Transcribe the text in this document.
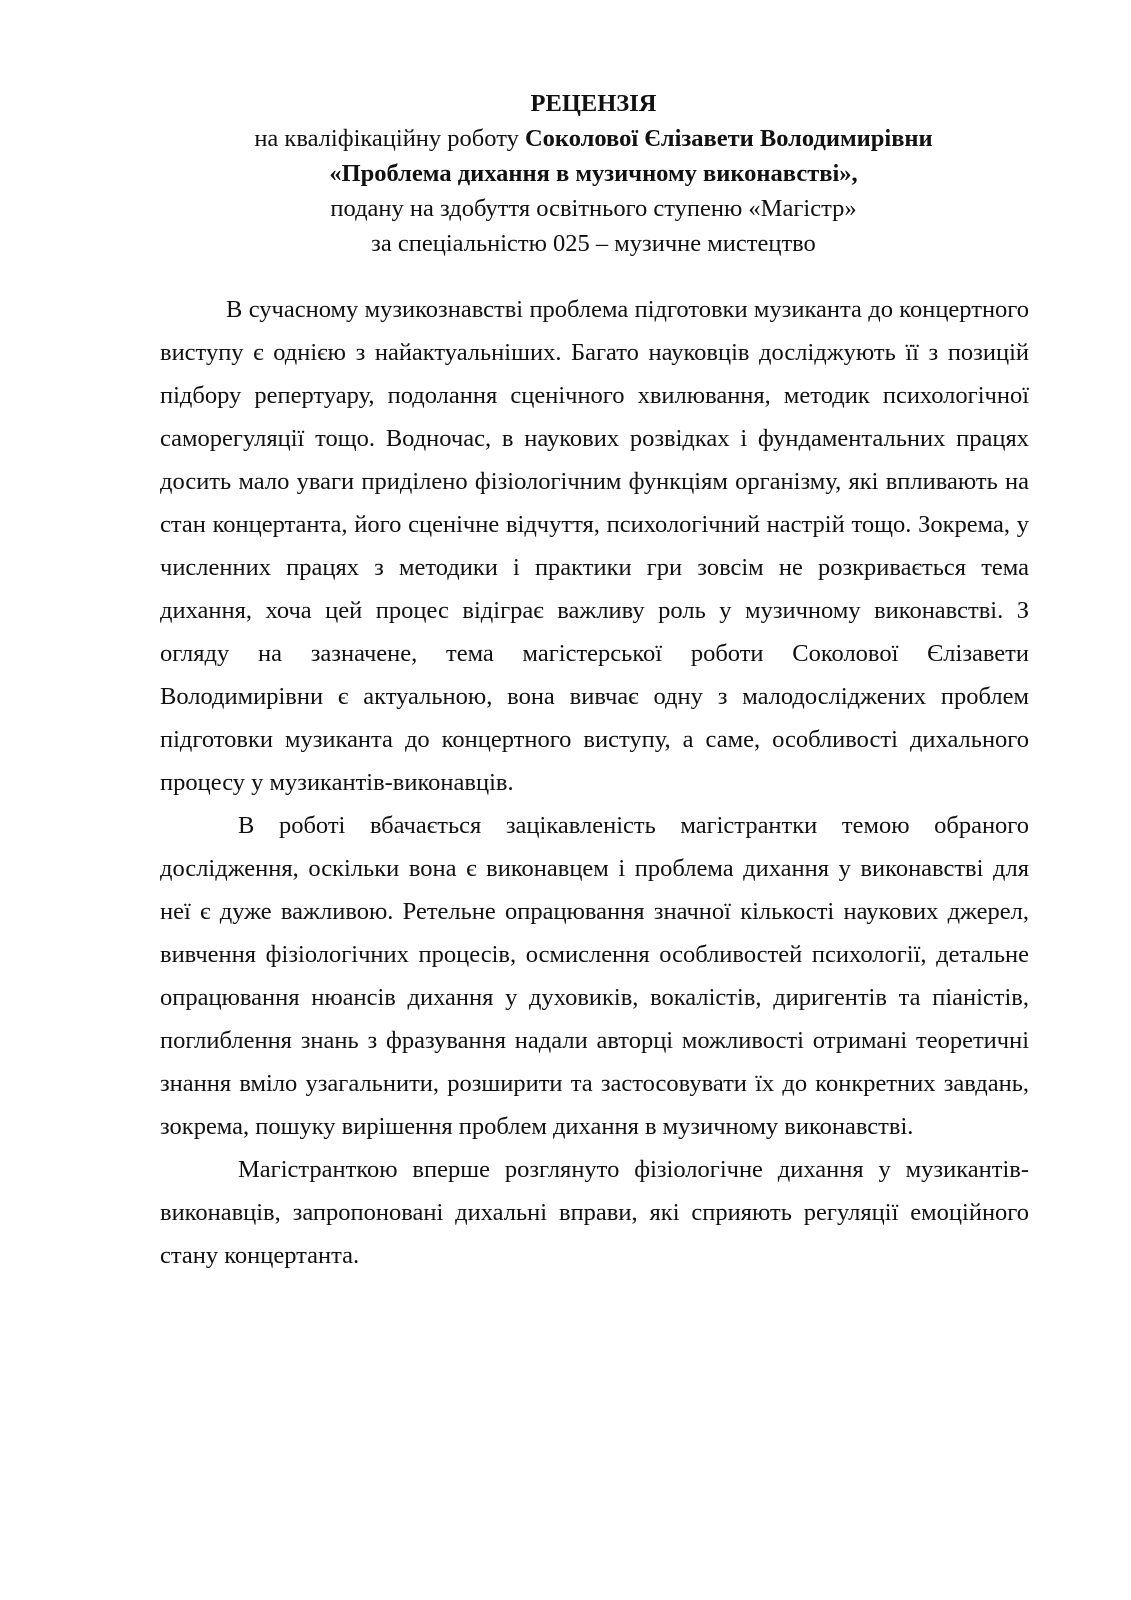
РЕЦЕНЗІЯ
на кваліфікаційну роботу Соколової Єлізавети Володимирівни
«Проблема дихання в музичному виконавстві»,
подану на здобуття освітнього ступеню «Магістр»
за спеціальністю 025 – музичне мистецтво

В сучасному музикознавстві проблема підготовки музиканта до концертного виступу є однією з найактуальніших. Багато науковців досліджують її з позицій підбору репертуару, подолання сценічного хвилювання, методик психологічної саморегуляції тощо. Водночас, в наукових розвідках і фундаментальних працях досить мало уваги приділено фізіологічним функціям організму, які впливають на стан концертанта, його сценічне відчуття, психологічний настрій тощо. Зокрема, у численних працях з методики і практики гри зовсім не розкривається тема дихання, хоча цей процес відіграє важливу роль у музичному виконавстві. З огляду на зазначене, тема магістерської роботи Соколової Єлізавети Володимирівни є актуальною, вона вивчає одну з малодосліджених проблем підготовки музиканта до концертного виступу, а саме, особливості дихального процесу у музикантів-виконавців.

В роботі вбачається зацікавленість магістрантки темою обраного дослідження, оскільки вона є виконавцем і проблема дихання у виконавстві для неї є дуже важливою. Ретельне опрацювання значної кількості наукових джерел, вивчення фізіологічних процесів, осмислення особливостей психології, детальне опрацювання нюансів дихання у духовиків, вокалістів, диригентів та піаністів, поглиблення знань з фразування надали авторці можливості отримані теоретичні знання вміло узагальнити, розширити та застосовувати їх до конкретних завдань, зокрема, пошуку вирішення проблем дихання в музичному виконавстві.

Магістранткою вперше розглянуто фізіологічне дихання у музикантів-виконавців, запропоновані дихальні вправи, які сприяють регуляції емоційного стану концертанта.
